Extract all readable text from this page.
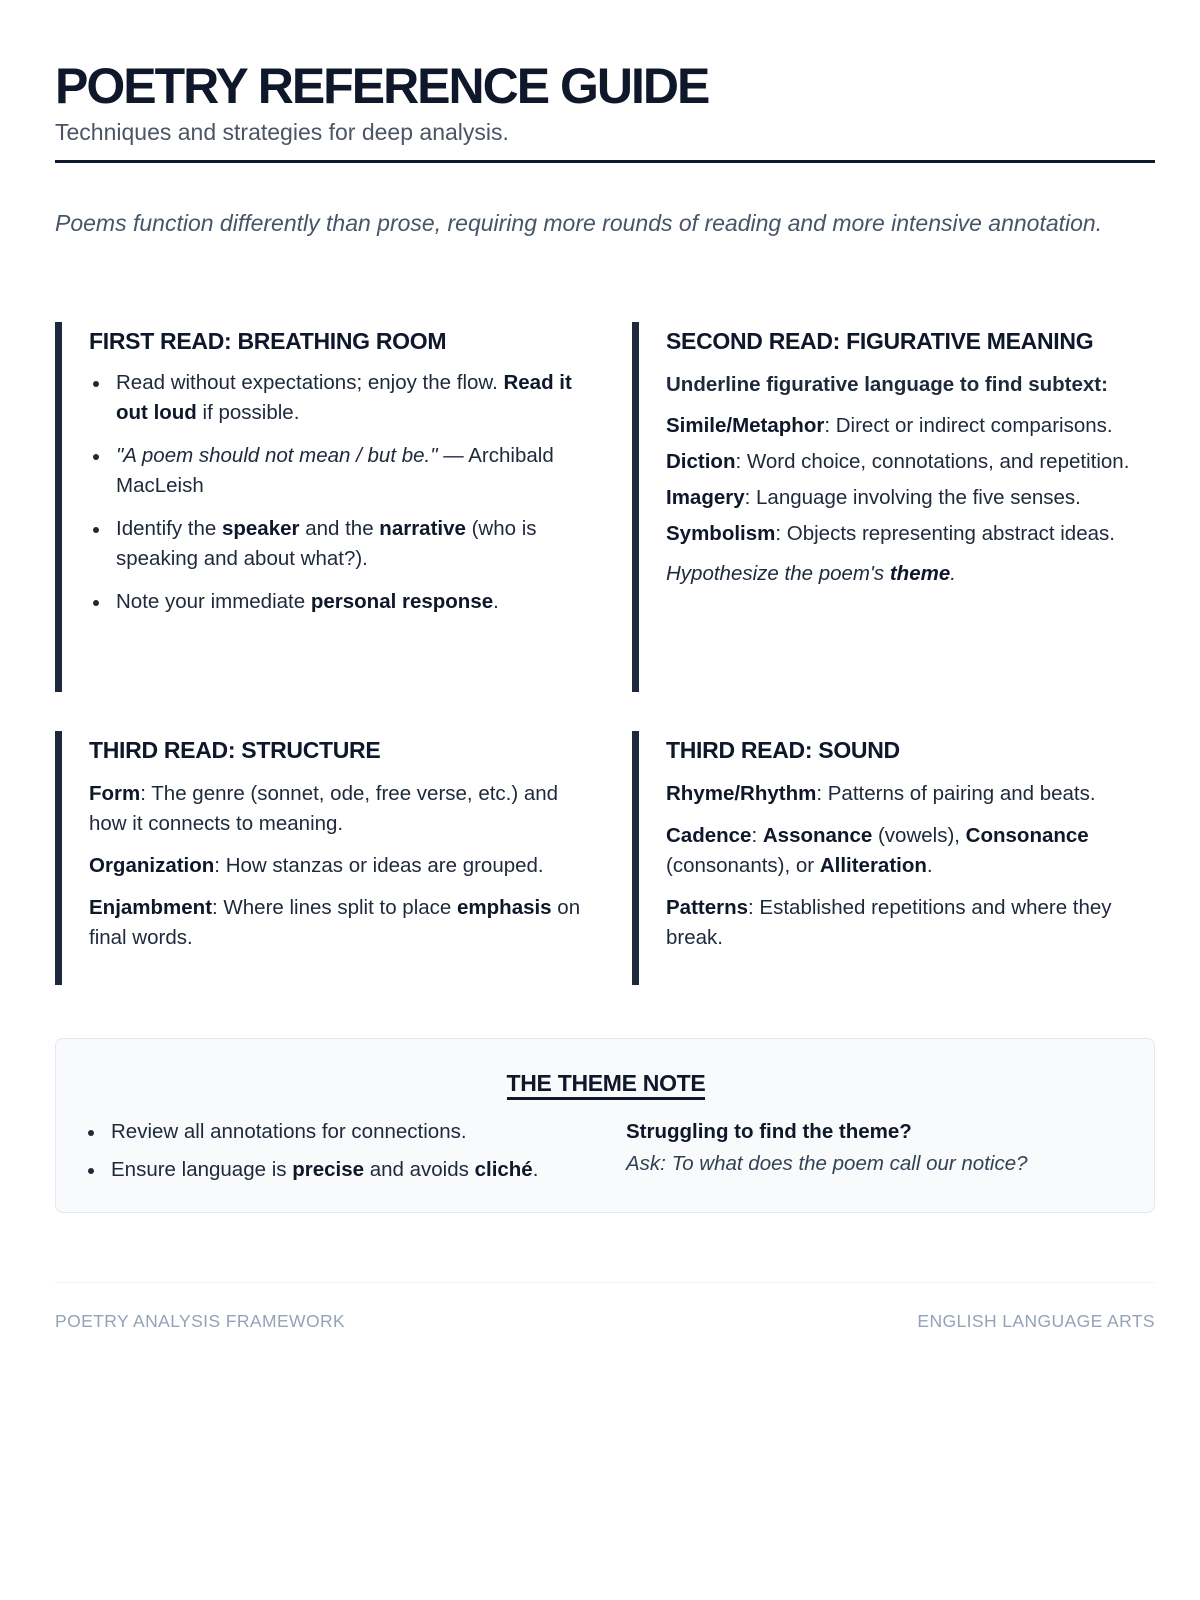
POETRY REFERENCE GUIDE
Techniques and strategies for deep analysis.

Poems function differently than prose, requiring more rounds of reading and more intensive annotation.

FIRST READ: BREATHING ROOM
Read without expectations; enjoy the flow. Read it out loud if possible.
"A poem should not mean / but be." — Archibald MacLeish
Identify the speaker and the narrative (who is speaking and about what?).
Note your immediate personal response.
SECOND READ: FIGURATIVE MEANING

Underline figurative language to find subtext:

Simile/Metaphor: Direct or indirect comparisons.

Diction: Word choice, connotations, and repetition.

Imagery: Language involving the five senses.

Symbolism: Objects representing abstract ideas.

Hypothesize the poem's theme.

THIRD READ: STRUCTURE

Form: The genre (sonnet, ode, free verse, etc.) and how it connects to meaning.

Organization: How stanzas or ideas are grouped.

Enjambment: Where lines split to place emphasis on final words.

THIRD READ: SOUND

Rhyme/Rhythm: Patterns of pairing and beats.

Cadence: Assonance (vowels), Consonance (consonants), or Alliteration.

Patterns: Established repetitions and where they break.

THE THEME NOTE
Review all annotations for connections.
Ensure language is precise and avoids cliché.
Struggling to find the theme?
Ask: To what does the poem call our notice?
POETRY ANALYSIS FRAMEWORK	ENGLISH LANGUAGE ARTS
